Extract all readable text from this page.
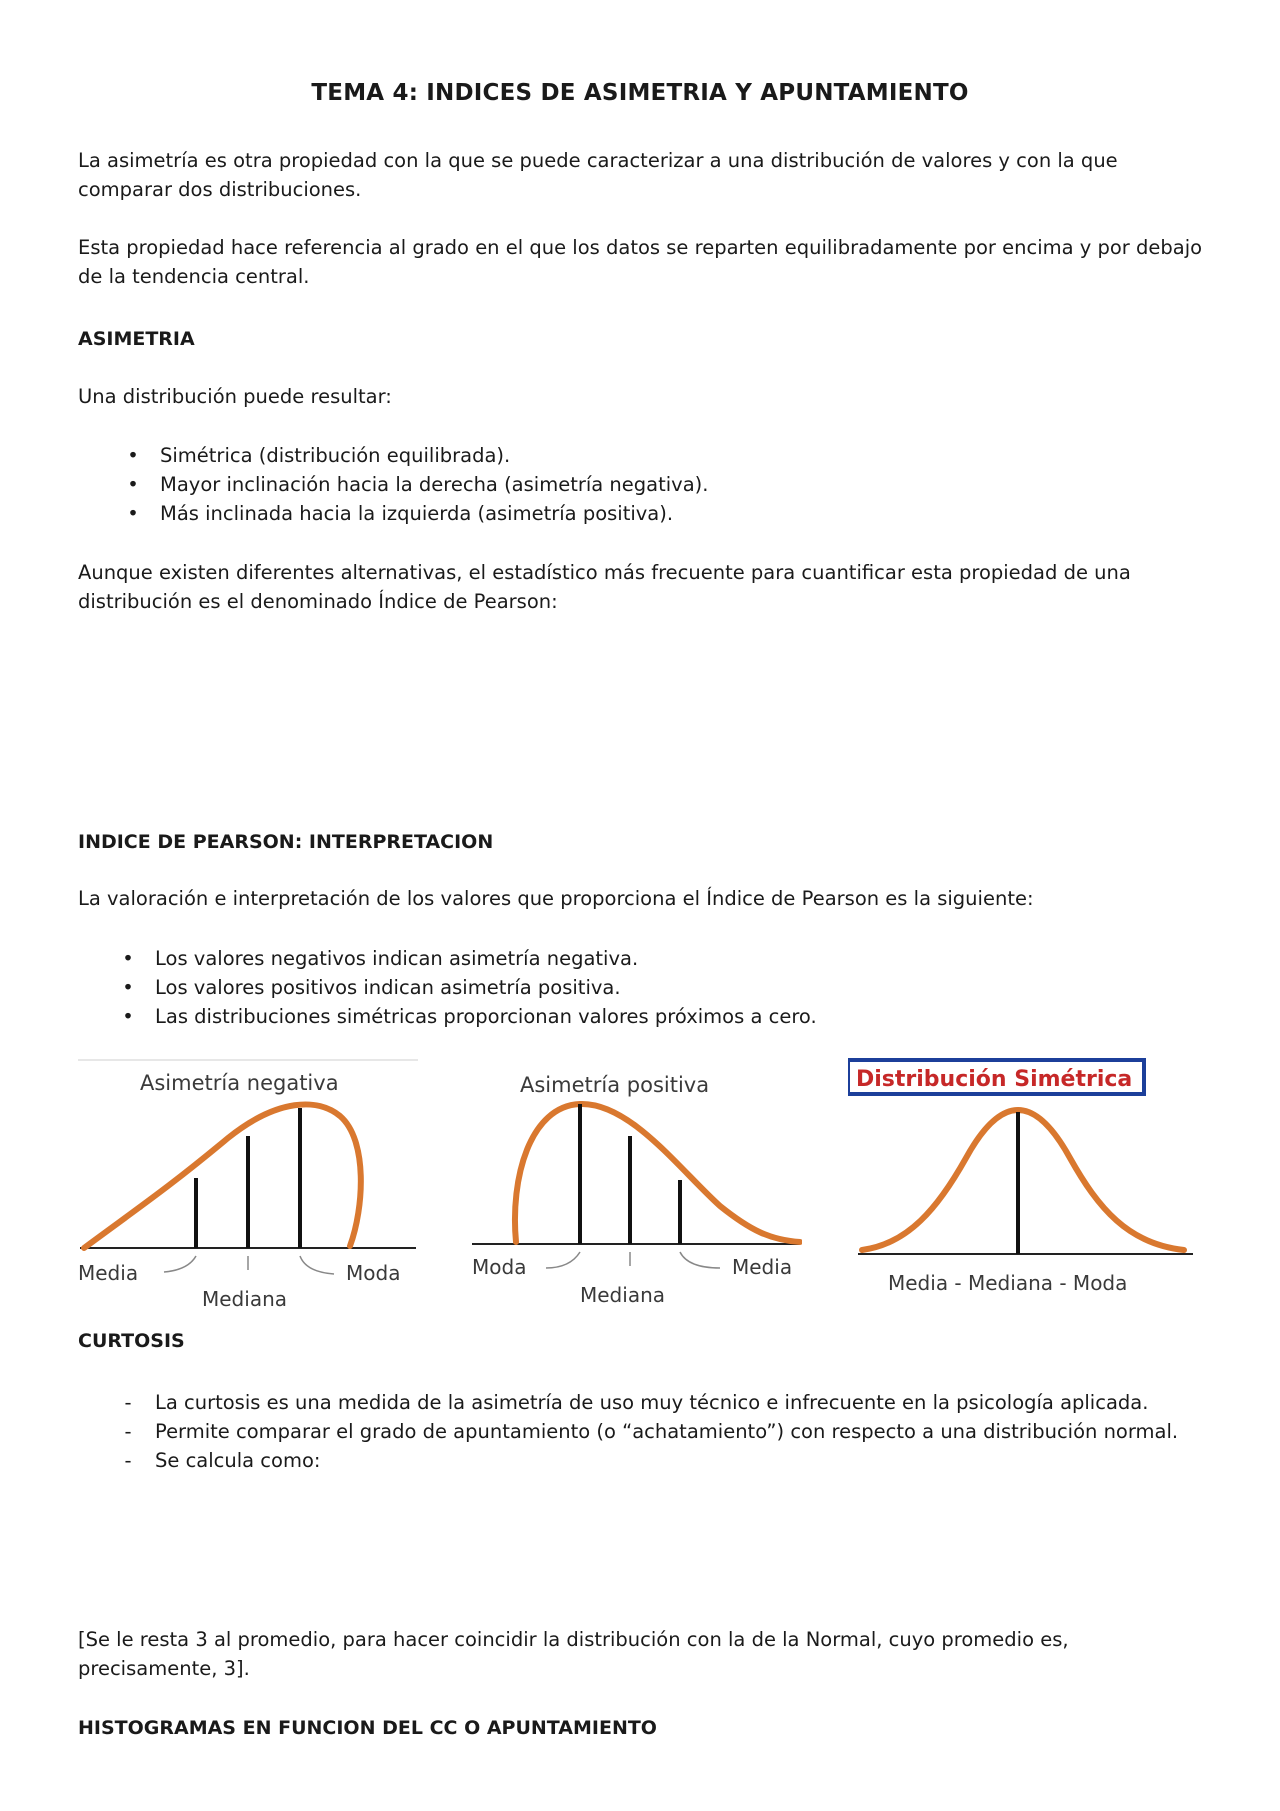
TEMA 4: INDICES DE ASIMETRIA Y APUNTAMIENTO
La asimetría es otra propiedad con la que se puede caracterizar a una distribución de valores y con la que comparar dos distribuciones.
Esta propiedad hace referencia al grado en el que los datos se reparten equilibradamente por encima y por debajo de la tendencia central.
ASIMETRIA
Una distribución puede resultar:
• Simétrica (distribución equilibrada).
• Mayor inclinación hacia la derecha (asimetría negativa).
• Más inclinada hacia la izquierda (asimetría positiva).
Aunque existen diferentes alternativas, el estadístico más frecuente para cuantificar esta propiedad de una distribución es el denominado Índice de Pearson:
INDICE DE PEARSON: INTERPRETACION
La valoración e interpretación de los valores que proporciona el Índice de Pearson es la siguiente:
• Los valores negativos indican asimetría negativa.
• Los valores positivos indican asimetría positiva.
• Las distribuciones simétricas proporcionan valores próximos a cero.
Asimetría negativa
Media
Mediana
Moda
Asimetría positiva
Moda
Mediana
Media
Distribución Simétrica
Media - Mediana - Moda
CURTOSIS
-	La curtosis es una medida de la asimetría de uso muy técnico e infrecuente en la psicología aplicada.
-	Permite comparar el grado de apuntamiento (o “achatamiento”) con respecto a una distribución normal.
-	Se calcula como:
[Se le resta 3 al promedio, para hacer coincidir la distribución con la de la Normal, cuyo promedio es, precisamente, 3].
HISTOGRAMAS EN FUNCION DEL CC O APUNTAMIENTO
